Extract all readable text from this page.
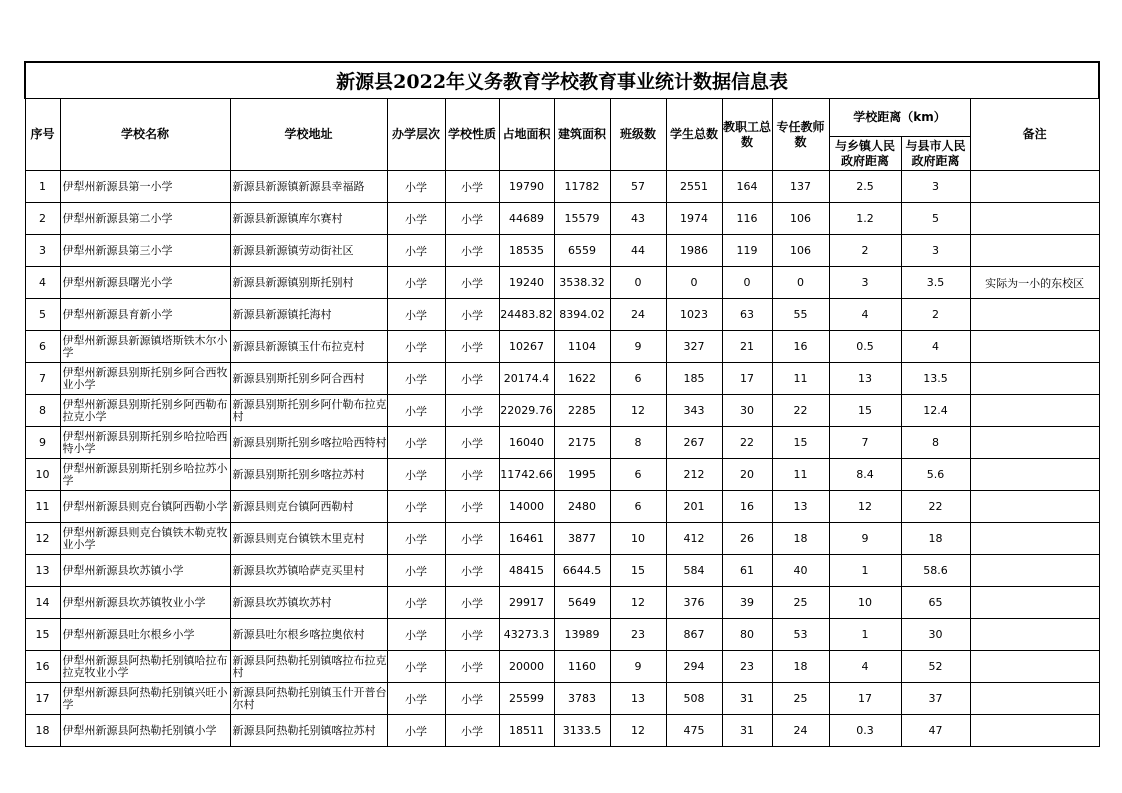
新源县2022年义务教育学校教育事业统计数据信息表													
序号	学校名称	学校地址	办学层次	学校性质	占地面积	建筑面积	班级数	学生总数	教职工总数	专任教师数	学校距离（km）		备注
											与乡镇人民政府距离	与县市人民政府距离	
1	伊犁州新源县第一小学	新源县新源镇新源县幸福路	小学	小学	19790	11782	57	2551	164	137	2.5	3	
2	伊犁州新源县第二小学	新源县新源镇库尔赛村	小学	小学	44689	15579	43	1974	116	106	1.2	5	
3	伊犁州新源县第三小学	新源县新源镇劳动街社区	小学	小学	18535	6559	44	1986	119	106	2	3	
4	伊犁州新源县曙光小学	新源县新源镇别斯托别村	小学	小学	19240	3538.32	0	0	0	0	3	3.5	实际为一小的东校区
5	伊犁州新源县育新小学	新源县新源镇托海村	小学	小学	24483.82	8394.02	24	1023	63	55	4	2	
6	伊犁州新源县新源镇塔斯铁木尔小学	新源县新源镇玉什布拉克村	小学	小学	10267	1104	9	327	21	16	0.5	4	
7	伊犁州新源县别斯托别乡阿合西牧业小学	新源县别斯托别乡阿合西村	小学	小学	20174.4	1622	6	185	17	11	13	13.5	
8	伊犁州新源县别斯托别乡阿西勒布拉克小学	新源县别斯托别乡阿什勒布拉克村	小学	小学	22029.76	2285	12	343	30	22	15	12.4	
9	伊犁州新源县别斯托别乡哈拉哈西特小学	新源县别斯托别乡喀拉哈西特村	小学	小学	16040	2175	8	267	22	15	7	8	
10	伊犁州新源县别斯托别乡哈拉苏小学	新源县别斯托别乡喀拉苏村	小学	小学	11742.66	1995	6	212	20	11	8.4	5.6	
11	伊犁州新源县则克台镇阿西勒小学	新源县则克台镇阿西勒村	小学	小学	14000	2480	6	201	16	13	12	22	
12	伊犁州新源县则克台镇铁木勒克牧业小学	新源县则克台镇铁木里克村	小学	小学	16461	3877	10	412	26	18	9	18	
13	伊犁州新源县坎苏镇小学	新源县坎苏镇哈萨克买里村	小学	小学	48415	6644.5	15	584	61	40	1	58.6	
14	伊犁州新源县坎苏镇牧业小学	新源县坎苏镇坎苏村	小学	小学	29917	5649	12	376	39	25	10	65	
15	伊犁州新源县吐尔根乡小学	新源县吐尔根乡喀拉奥依村	小学	小学	43273.3	13989	23	867	80	53	1	30	
16	伊犁州新源县阿热勒托别镇哈拉布拉克牧业小学	新源县阿热勒托别镇喀拉布拉克村	小学	小学	20000	1160	9	294	23	18	4	52	
17	伊犁州新源县阿热勒托别镇兴旺小学	新源县阿热勒托别镇玉什开普台尔村	小学	小学	25599	3783	13	508	31	25	17	37	
18	伊犁州新源县阿热勒托别镇小学	新源县阿热勒托别镇喀拉苏村	小学	小学	18511	3133.5	12	475	31	24	0.3	47	
